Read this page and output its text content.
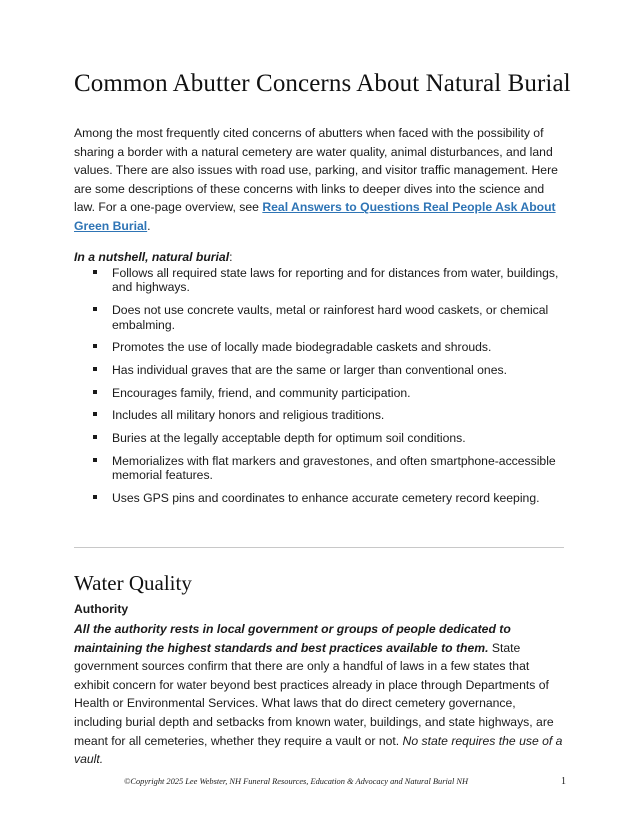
Common Abutter Concerns About Natural Burial

Among the most frequently cited concerns of abutters when faced with the possibility of sharing a border with a natural cemetery are water quality, animal disturbances, and land values. There are also issues with road use, parking, and visitor traffic management. Here are some descriptions of these concerns with links to deeper dives into the science and law. For a one-page overview, see Real Answers to Questions Real People Ask About Green Burial.

In a nutshell, natural burial:

Follows all required state laws for reporting and for distances from water, buildings, and highways.
Does not use concrete vaults, metal or rainforest hard wood caskets, or chemical embalming.
Promotes the use of locally made biodegradable caskets and shrouds.
Has individual graves that are the same or larger than conventional ones.
Encourages family, friend, and community participation.
Includes all military honors and religious traditions.
Buries at the legally acceptable depth for optimum soil conditions.
Memorializes with flat markers and gravestones, and often smartphone-accessible memorial features.
Uses GPS pins and coordinates to enhance accurate cemetery record keeping.
Water Quality
Authority

All the authority rests in local government or groups of people dedicated to maintaining the highest standards and best practices available to them. State government sources confirm that there are only a handful of laws in a few states that exhibit concern for water beyond best practices already in place through Departments of Health or Environmental Services. What laws that do direct cemetery governance, including burial depth and setbacks from known water, buildings, and state highways, are meant for all cemeteries, whether they require a vault or not. No state requires the use of a vault.

©Copyright 2025 Lee Webster, NH Funeral Resources, Education & Advocacy and Natural Burial NH	1
